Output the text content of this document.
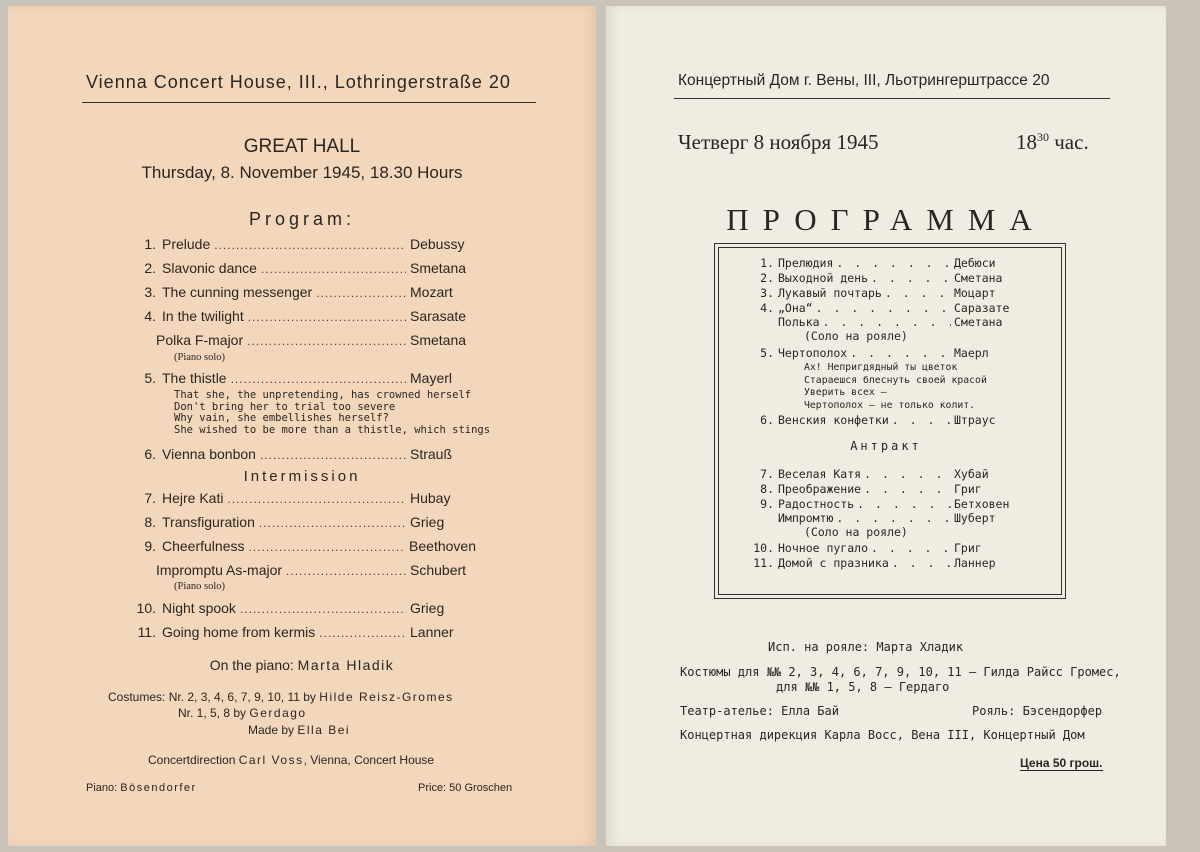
Vienna Concert House, III., Lothringerstraße 20
GREAT HALL
Thursday, 8. November 1945, 18.30 Hours
Program:
1. Prelude .....	Debussy
2. Slavonic dance .....	Smetana
3. The cunning messenger .....	Mozart
4. In the twilight .....	Sarasate
Polka F-major .....	Smetana
(Piano solo)
5. The thistle .....	Mayerl
That she, the unpretending, has crowned herself
Don't bring her to trial too severe
Why vain, she embellishes herself?
She wished to be more than a thistle, which stings
6. Vienna bonbon .....	Strauß
Intermission
7. Hejre Kati .....	Hubay
8. Transfiguration .....	Grieg
9. Cheerfulness .....	Beethoven
Impromptu As-major .....	Schubert
(Piano solo)
10. Night spook .....	Grieg
11. Going home from kermis .....	Lanner
On the piano: Marta Hladik
Costumes: Nr. 2, 3, 4, 6, 7, 9, 10, 11 by Hilde Reisz-Gromes
Nr. 1, 5, 8 by Gerdago
Made by Ella Bei
Concertdirection Carl Voss, Vienna, Concert House
Piano: Bösendorfer	Price: 50 Groschen
Концертный Дом г. Вены, III, Льотрингерштрассе 20
Четверг 8 ноября 1945	$18^{30}$ час.
ПРОГРАММА
1. Прелюдия . . .	Дебюси
2. Выходной день . . .	Сметана
3. Лукавый почтарь . . .	Моцарт
4. „Она“ . . .	Саразате
Полька . . .	Сметана
(Соло на рояле)
5. Чертополох . . .	Маерл
Ах! Непригдядный ты цветок
Стараешся блеснуть своей красой
Уверить всех —
Чертополох — не только колит.
6. Венския конфетки . . .	Штраус
Антракт
7. Веселая Катя . . .	Хубай
8. Преображение . . .	Григ
9. Радостность . . .	Бетховен
Импромтю . . .	Шуберт
(Соло на рояле)
10. Ночное пугало . . .	Григ
11. Домой с празника . . .	Ланнер
Исп. на рояле: Марта Хладик
Костюмы для №№ 2, 3, 4, 6, 7, 9, 10, 11 — Гилда Райсс Громес,
для №№ 1, 5, 8 — Гердаго
Театр-ателье: Елла Бай	Рояль: Бэсендорфер
Концертная дирекция Карла Восс, Вена III, Концертный Дом
Цена 50 грош.
